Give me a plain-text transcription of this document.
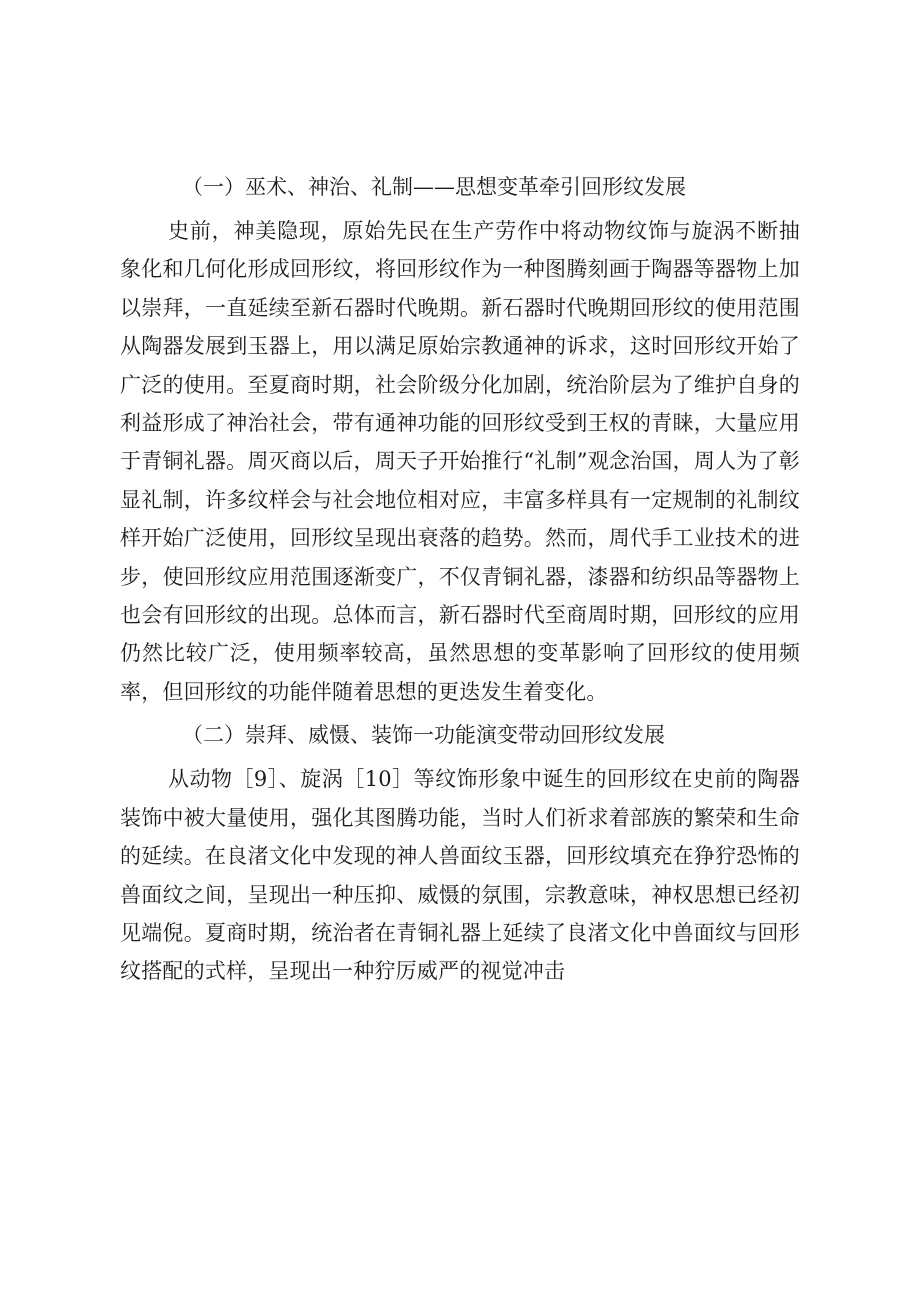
（一）巫术、神治、礼制——思想变革牵引回形纹发展

史前，神美隐现，原始先民在生产劳作中将动物纹饰与旋涡不断抽象化和几何化形成回形纹，将回形纹作为一种图腾刻画于陶器等器物上加以崇拜，一直延续至新石器时代晚期。新石器时代晚期回形纹的使用范围从陶器发展到玉器上，用以满足原始宗教通神的诉求，这时回形纹开始了广泛的使用。至夏商时期，社会阶级分化加剧，统治阶层为了维护自身的利益形成了神治社会，带有通神功能的回形纹受到王权的青睐，大量应用于青铜礼器。周灭商以后，周天子开始推行“礼制”观念治国，周人为了彰显礼制，许多纹样会与社会地位相对应，丰富多样具有一定规制的礼制纹样开始广泛使用，回形纹呈现出衰落的趋势。然而，周代手工业技术的进步，使回形纹应用范围逐渐变广，不仅青铜礼器，漆器和纺织品等器物上也会有回形纹的出现。总体而言，新石器时代至商周时期，回形纹的应用仍然比较广泛，使用频率较高，虽然思想的变革影响了回形纹的使用频率，但回形纹的功能伴随着思想的更迭发生着变化。

（二）崇拜、威慑、装饰一功能演变带动回形纹发展

从动物［9］、旋涡［10］等纹饰形象中诞生的回形纹在史前的陶器装饰中被大量使用，强化其图腾功能，当时人们祈求着部族的繁荣和生命的延续。在良渚文化中发现的神人兽面纹玉器，回形纹填充在狰狞恐怖的兽面纹之间，呈现出一种压抑、威慑的氛围，宗教意味，神权思想已经初见端倪。夏商时期，统治者在青铜礼器上延续了良渚文化中兽面纹与回形纹搭配的式样，呈现出一种狞厉威严的视觉冲击
